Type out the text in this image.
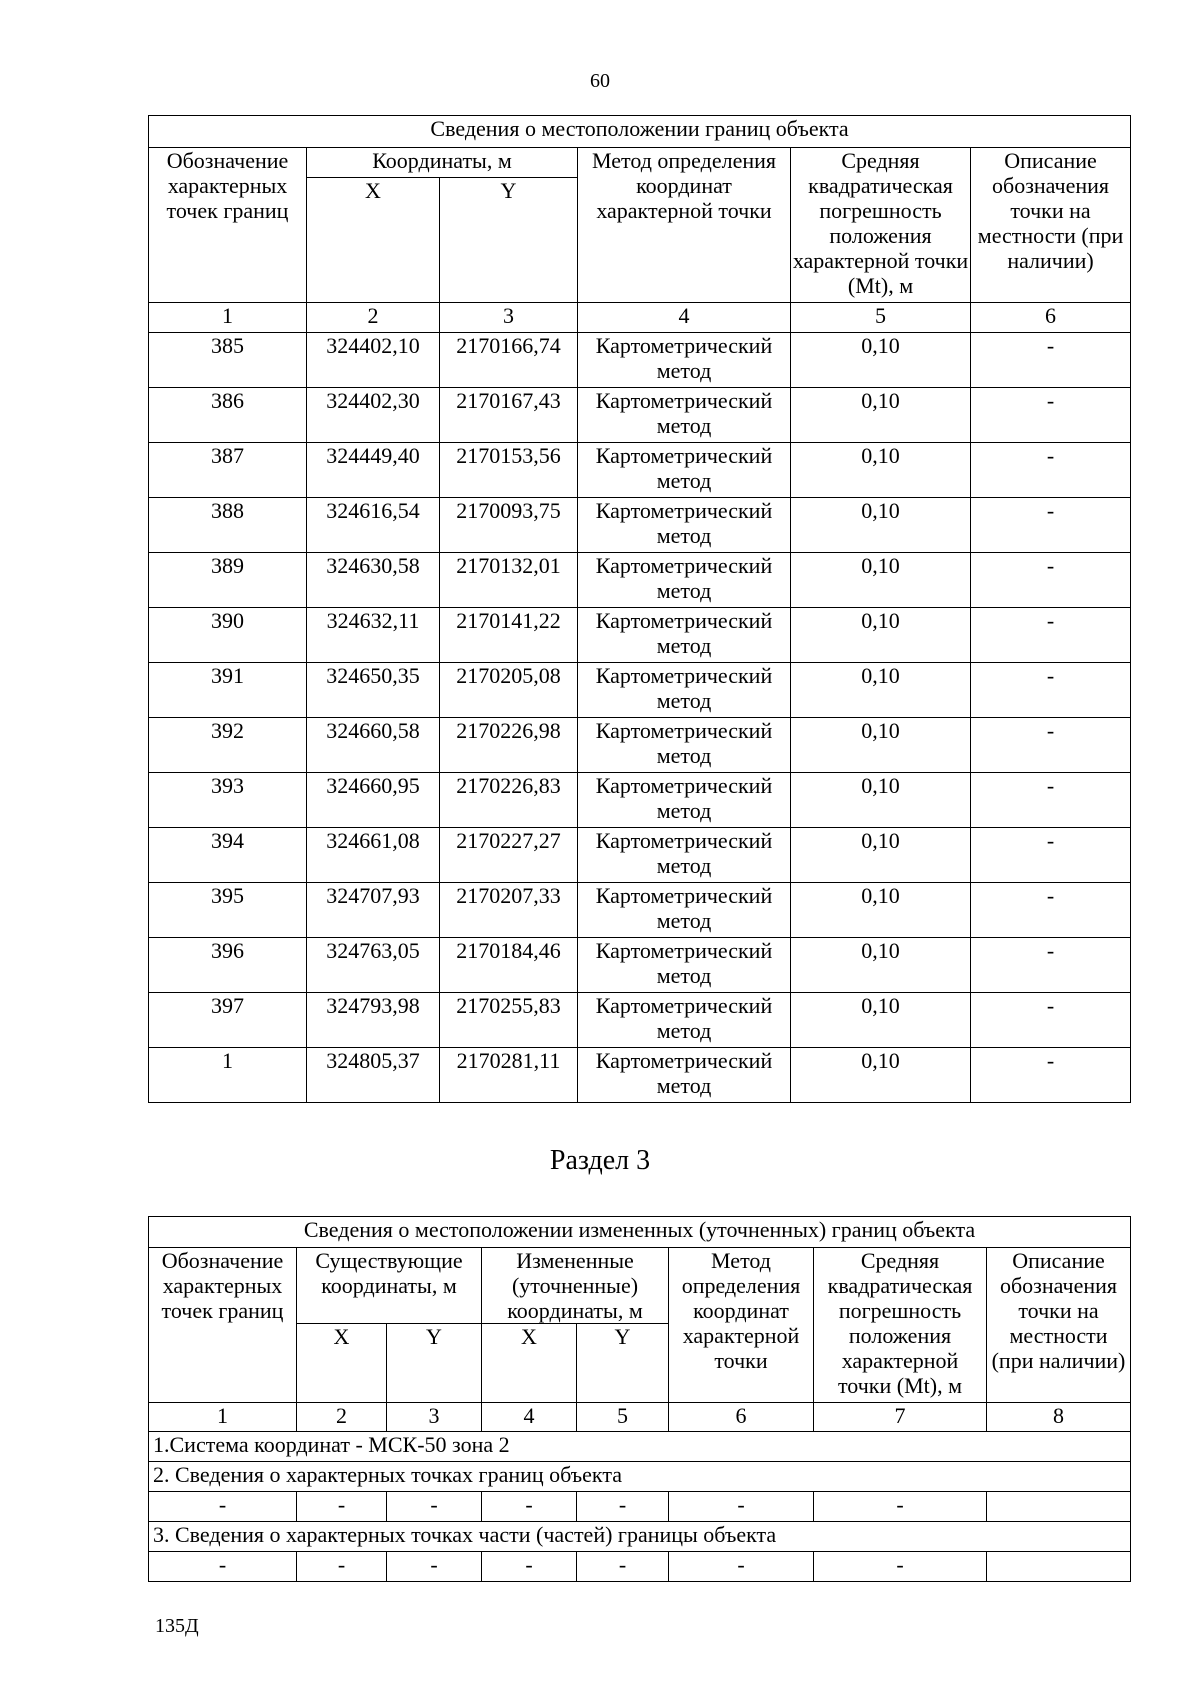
60
Сведения о местоположении границ объекта					
Обозначение характерных точек границ	Координаты, м		Метод определения координат характерной точки	Средняя квадратическая погрешность положения характерной точки (Mt), м	Описание обозначения точки на местности (при наличии)
	X	Y			
1	2	3	4	5	6
385	324402,10	2170166,74	Картометрический метод	0,10	-
386	324402,30	2170167,43	Картометрический метод	0,10	-
387	324449,40	2170153,56	Картометрический метод	0,10	-
388	324616,54	2170093,75	Картометрический метод	0,10	-
389	324630,58	2170132,01	Картометрический метод	0,10	-
390	324632,11	2170141,22	Картометрический метод	0,10	-
391	324650,35	2170205,08	Картометрический метод	0,10	-
392	324660,58	2170226,98	Картометрический метод	0,10	-
393	324660,95	2170226,83	Картометрический метод	0,10	-
394	324661,08	2170227,27	Картометрический метод	0,10	-
395	324707,93	2170207,33	Картометрический метод	0,10	-
396	324763,05	2170184,46	Картометрический метод	0,10	-
397	324793,98	2170255,83	Картометрический метод	0,10	-
1	324805,37	2170281,11	Картометрический метод	0,10	-
Раздел 3
Сведения о местоположении измененных (уточненных) границ объекта							
Обозначение характерных точек границ	Существующие координаты, м		Измененные (уточненные) координаты, м		Метод определения координат характерной точки	Средняя квадратическая погрешность положения характерной точки (Mt), м	Описание обозначения точки на местности (при наличии)
	X	Y	X	Y			
1	2	3	4	5	6	7	8
1.Система координат - МСК-50 зона 2							
2. Сведения о характерных точках границ объекта							
-	-	-	-	-	-	-	
3. Сведения о характерных точках части (частей) границы объекта							
-	-	-	-	-	-	-	
135Д
